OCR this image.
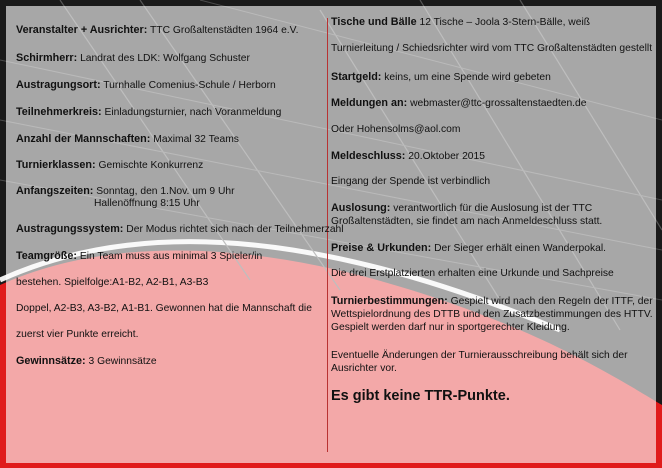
Veranstalter + Ausrichter: TTC Großaltenstädten 1964 e.V.
Schirmherr: Landrat des LDK: Wolfgang Schuster
Austragungsort: Turnhalle Comenius-Schule / Herborn
Teilnehmerkreis: Einladungsturnier, nach Voranmeldung
Anzahl der Mannschaften: Maximal 32 Teams
Turnierklassen: Gemischte Konkurrenz
Anfangszeiten: Sonntag, den 1.Nov. um 9 Uhr
Hallenöffnung 8:15 Uhr
Austragungssystem: Der Modus richtet sich nach der Teilnehmerzahl
Teamgröße: Ein Team muss aus minimal 3 Spieler/in
bestehen. Spielfolge:A1-B2, A2-B1, A3-B3
Doppel, A2-B3, A3-B2, A1-B1. Gewonnen hat die Mannschaft die
zuerst vier Punkte erreicht.
Gewinnsätze: 3 Gewinnsätze
Tische und Bälle 12 Tische – Joola 3-Stern-Bälle, weiß
Turnierleitung / Schiedsrichter wird vom TTC Großaltenstädten gestellt
Startgeld: keins, um eine Spende wird gebeten
Meldungen an: webmaster@ttc-grossaltenstaedten.de
Oder Hohensolms@aol.com
Meldeschluss: 20.Oktober 2015
Eingang der Spende ist verbindlich
Auslosung: verantwortlich für die Auslosung ist der TTC Großaltenstädten, sie findet am nach Anmeldeschluss statt.
Preise & Urkunden: Der Sieger erhält einen Wanderpokal.
Die drei Erstplatzierten erhalten eine Urkunde und Sachpreise
Turnierbestimmungen: Gespielt wird nach den Regeln der ITTF, der Wettspielordnung des DTTB und den Zusatzbestimmungen des HTTV. Gespielt werden darf nur in sportgerechter Kleidung.
Eventuelle Änderungen der Turnierausschreibung behält sich der Ausrichter vor.
Es gibt keine TTR-Punkte.
